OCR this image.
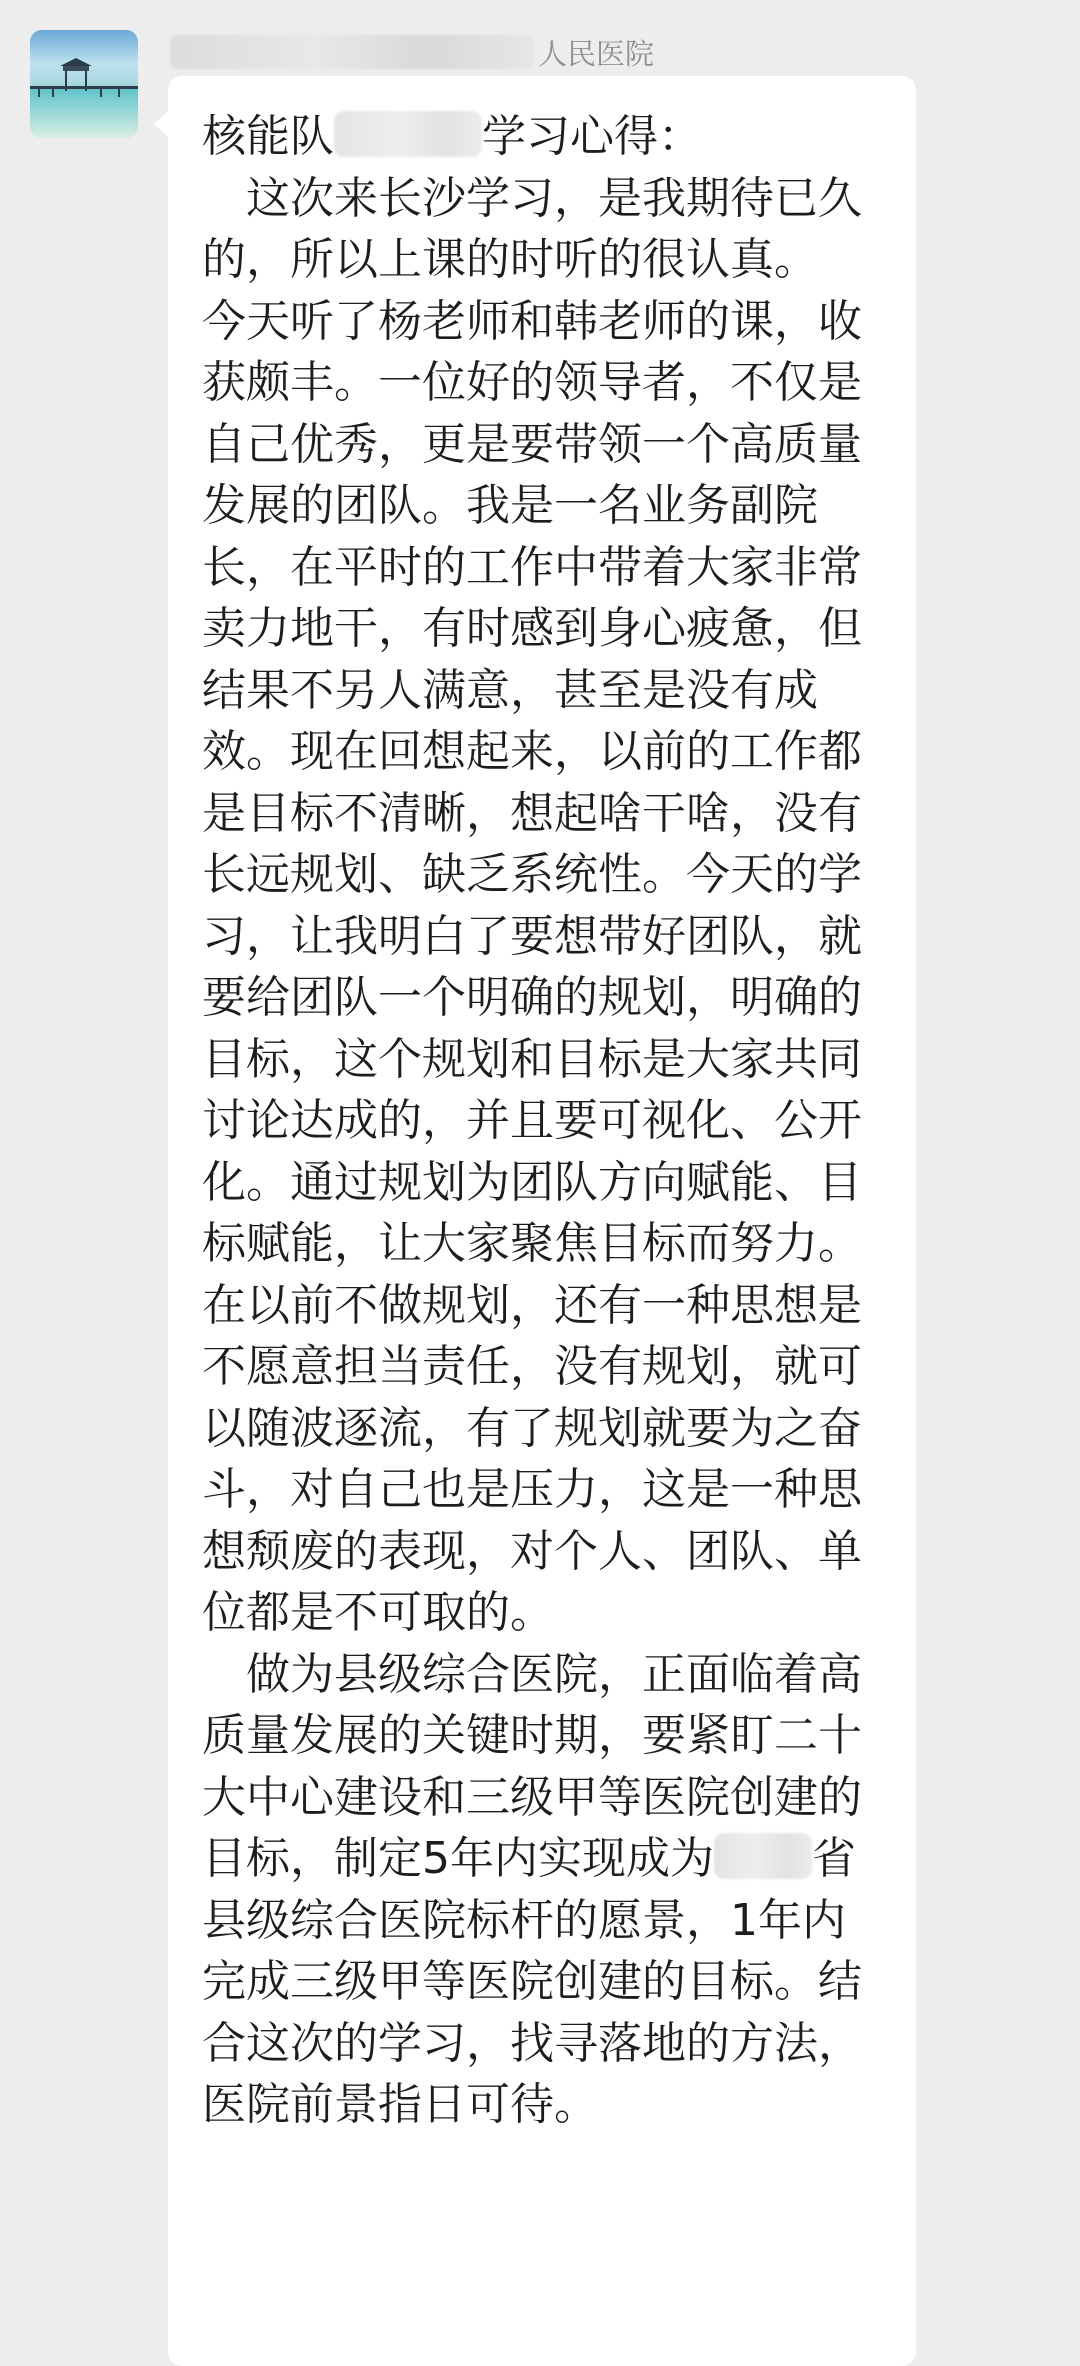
人民医院
核能队	学习心得：
　这次来长沙学习，是我期待已久
的，所以上课的时听的很认真。
今天听了杨老师和韩老师的课，收
获颇丰。一位好的领导者，不仅是
自己优秀，更是要带领一个高质量
发展的团队。我是一名业务副院
长，在平时的工作中带着大家非常
卖力地干，有时感到身心疲惫，但
结果不另人满意，甚至是没有成
效。现在回想起来，以前的工作都
是目标不清晰，想起啥干啥，没有
长远规划、缺乏系统性。今天的学
习，让我明白了要想带好团队，就
要给团队一个明确的规划，明确的
目标，这个规划和目标是大家共同
讨论达成的，并且要可视化、公开
化。通过规划为团队方向赋能、目
标赋能，让大家聚焦目标而努力。
在以前不做规划，还有一种思想是
不愿意担当责任，没有规划，就可
以随波逐流，有了规划就要为之奋
斗，对自己也是压力，这是一种思
想颓废的表现，对个人、团队、单
位都是不可取的。
　做为县级综合医院，正面临着高
质量发展的关键时期，要紧盯二十
大中心建设和三级甲等医院创建的
目标，制定5年内实现成为 省
县级综合医院标杆的愿景，1年内
完成三级甲等医院创建的目标。结
合这次的学习，找寻落地的方法，
医院前景指日可待。
